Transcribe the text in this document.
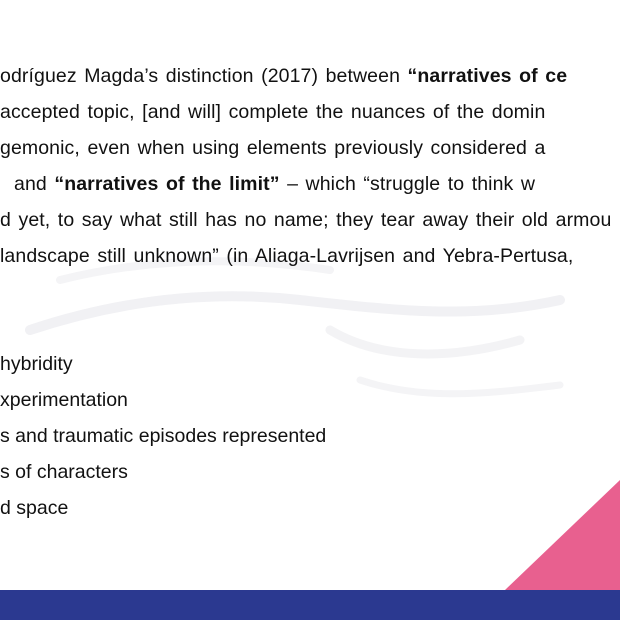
odríguez Magda’s distinction (2017) between “narratives of ce
accepted topic, [and will] complete the nuances of the domin
gemonic, even when using elements previously considered a
and “narratives of the limit” – which “struggle to think w
d yet, to say what still has no name; they tear away their old armou
landscape still unknown” (in Aliaga-Lavrijsen and Yebra-Pertusa,
hybridity
xperimentation
s and traumatic episodes represented
s of characters
d space
